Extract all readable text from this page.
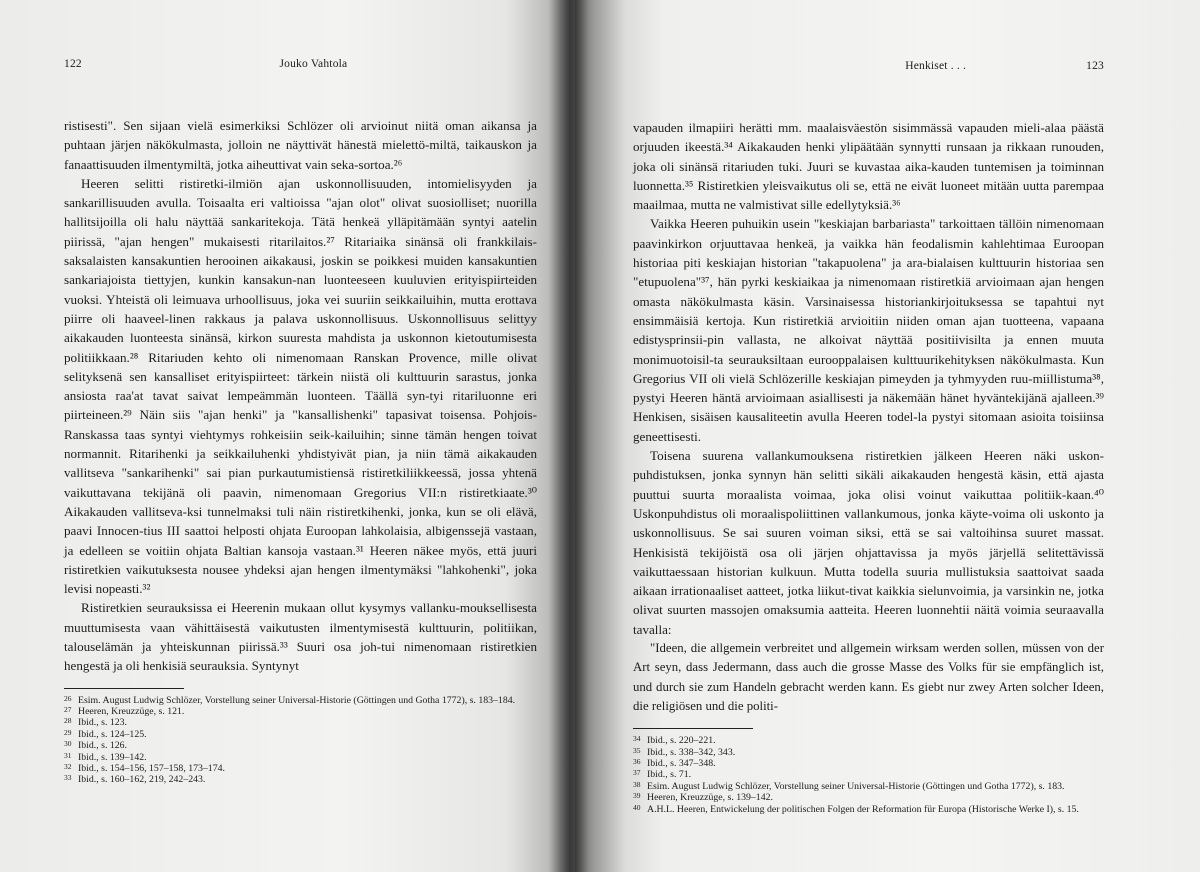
122	Jouko Vahtola

ristisesti". Sen sijaan vielä esimerkiksi Schlözer oli arvioinut niitä oman aikansa ja puhtaan järjen näkökulmasta, jolloin ne näyttivät hänestä mielettö-miltä, taikauskon ja fanaattisuuden ilmentymiltä, jotka aiheuttivat vain seka-sortoa.²⁶

Heeren selitti ristiretki-ilmiön ajan uskonnollisuuden, intomielisyyden ja sankarillisuuden avulla. Toisaalta eri valtioissa "ajan olot" olivat suosiolliset; nuorilla hallitsijoilla oli halu näyttää sankaritekoja. Tätä henkeä ylläpitämään syntyi aatelin piirissä, "ajan hengen" mukaisesti ritarilaitos.²⁷ Ritariaika sinänsä oli frankkilais-saksalaisten kansakuntien herooinen aikakausi, joskin se poikkesi muiden kansakuntien sankariajoista tiettyjen, kunkin kansakun-nan luonteeseen kuuluvien erityispiirteiden vuoksi. Yhteistä oli leimuava urhoollisuus, joka vei suuriin seikkailuihin, mutta erottava piirre oli haaveel-linen rakkaus ja palava uskonnollisuus. Uskonnollisuus selittyy aikakauden luonteesta sinänsä, kirkon suuresta mahdista ja uskonnon kietoutumisesta politiikkaan.²⁸ Ritariuden kehto oli nimenomaan Ranskan Provence, mille olivat selityksenä sen kansalliset erityispiirteet: tärkein niistä oli kulttuurin sarastus, jonka ansiosta raa'at tavat saivat lempeämmän luonteen. Täällä syn-tyi ritariluonne eri piirteineen.²⁹ Näin siis "ajan henki" ja "kansallishenki" tapasivat toisensa. Pohjois-Ranskassa taas syntyi viehtymys rohkeisiin seik-kailuihin; sinne tämän hengen toivat normannit. Ritarihenki ja seikkailuhenki yhdistyivät pian, ja niin tämä aikakauden vallitseva "sankarihenki" sai pian purkautumistiensä ristiretkiliikkeessä, jossa yhtenä vaikuttavana tekijänä oli paavin, nimenomaan Gregorius VII:n ristiretkiaate.³⁰ Aikakauden vallitseva-ksi tunnelmaksi tuli näin ristiretkihenki, jonka, kun se oli elävä, paavi Innocen-tius III saattoi helposti ohjata Euroopan lahkolaisia, albigenssejä vastaan, ja edelleen se voitiin ohjata Baltian kansoja vastaan.³¹ Heeren näkee myös, että juuri ristiretkien vaikutuksesta nousee yhdeksi ajan hengen ilmentymäksi "lahkohenki", joka levisi nopeasti.³²

Ristiretkien seurauksissa ei Heerenin mukaan ollut kysymys vallanku-mouksellisesta muuttumisesta vaan vähittäisestä vaikutusten ilmentymisestä kulttuurin, politiikan, talouselämän ja yhteiskunnan piirissä.³³ Suuri osa joh-tui nimenomaan ristiretkien hengestä ja oli henkisiä seurauksia. Syntynyt

26 Esim. August Ludwig Schlözer, Vorstellung seiner Universal-Historie (Göttingen und Gotha 1772), s. 183–184.
27 Heeren, Kreuzzüge, s. 121.
28 Ibid., s. 123.
29 Ibid., s. 124–125.
30 Ibid., s. 126.
31 Ibid., s. 139–142.
32 Ibid., s. 154–156, 157–158, 173–174.
33 Ibid., s. 160–162, 219, 242–243.
Henkiset . . .	123

vapauden ilmapiiri herätti mm. maalaisväestön sisimmässä vapauden mieli-alaa päästä orjuuden ikeestä.³⁴ Aikakauden henki ylipäätään synnytti runsaan ja rikkaan runouden, joka oli sinänsä ritariuden tuki. Juuri se kuvastaa aika-kauden tuntemisen ja toiminnan luonnetta.³⁵ Ristiretkien yleisvaikutus oli se, että ne eivät luoneet mitään uutta parempaa maailmaa, mutta ne valmistivat sille edellytyksiä.³⁶

Vaikka Heeren puhuikin usein "keskiajan barbariasta" tarkoittaen tällöin nimenomaan paavinkirkon orjuuttavaa henkeä, ja vaikka hän feodalismin kahlehtimaa Euroopan historiaa piti keskiajan historian "takapuolena" ja ara-bialaisen kulttuurin historiaa sen "etupuolena"³⁷, hän pyrki keskiaikaa ja nimenomaan ristiretkiä arvioimaan ajan hengen omasta näkökulmasta käsin. Varsinaisessa historiankirjoituksessa se tapahtui nyt ensimmäisiä kertoja. Kun ristiretkiä arvioitiin niiden oman ajan tuotteena, vapaana edistysprinsii-pin vallasta, ne alkoivat näyttää positiivisilta ja ennen muuta monimuotoisil-ta seurauksiltaan eurooppalaisen kulttuurikehityksen näkökulmasta. Kun Gregorius VII oli vielä Schlözerille keskiajan pimeyden ja tyhmyyden ruu-miillistuma³⁸, pystyi Heeren häntä arvioimaan asiallisesti ja näkemään hänet hyväntekijänä ajalleen.³⁹ Henkisen, sisäisen kausaliteetin avulla Heeren todel-la pystyi sitomaan asioita toisiinsa geneettisesti.

Toisena suurena vallankumouksena ristiretkien jälkeen Heeren näki uskon-puhdistuksen, jonka synnyn hän selitti sikäli aikakauden hengestä käsin, että ajasta puuttui suurta moraalista voimaa, joka olisi voinut vaikuttaa politiik-kaan.⁴⁰ Uskonpuhdistus oli moraalispoliittinen vallankumous, jonka käyte-voima oli uskonto ja uskonnollisuus. Se sai suuren voiman siksi, että se sai valtoihinsa suuret massat. Henkisistä tekijöistä osa oli järjen ohjattavissa ja myös järjellä selitettävissä vaikuttaessaan historian kulkuun. Mutta todella suuria mullistuksia saattoivat saada aikaan irrationaaliset aatteet, jotka liikut-tivat kaikkia sielunvoimia, ja varsinkin ne, jotka olivat suurten massojen omaksumia aatteita. Heeren luonnehtii näitä voimia seuraavalla tavalla:

"Ideen, die allgemein verbreitet und allgemein wirksam werden sollen, müssen von der Art seyn, dass Jedermann, dass auch die grosse Masse des Volks für sie empfänglich ist, und durch sie zum Handeln gebracht werden kann. Es giebt nur zwey Arten solcher Ideen, die religiösen und die politi-

34 Ibid., s. 220–221.
35 Ibid., s. 338–342, 343.
36 Ibid., s. 347–348.
37 Ibid., s. 71.
38 Esim. August Ludwig Schlözer, Vorstellung seiner Universal-Historie (Göttingen und Gotha 1772), s. 183.
39 Heeren, Kreuzzüge, s. 139–142.
40 A.H.L. Heeren, Entwickelung der politischen Folgen der Reformation für Europa (Historische Werke I), s. 15.
